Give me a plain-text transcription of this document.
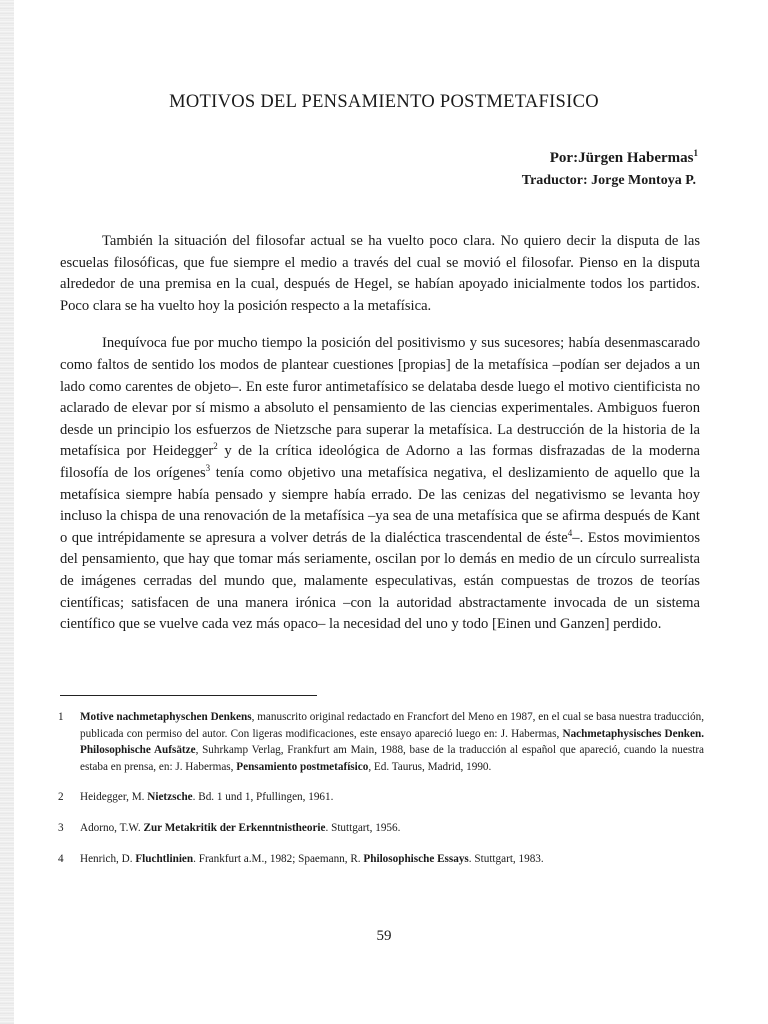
MOTIVOS DEL PENSAMIENTO POSTMETAFISICO
Por:Jürgen Habermas$^1$
Traductor: Jorge Montoya P.

También la situación del filosofar actual se ha vuelto poco clara. No quiero decir la disputa de las escuelas filosóficas, que fue siempre el medio a través del cual se movió el filosofar. Pienso en la disputa alrededor de una premisa en la cual, después de Hegel, se habían apoyado inicialmente todos los partidos. Poco clara se ha vuelto hoy la posición respecto a la metafísica.

Inequívoca fue por mucho tiempo la posición del positivismo y sus sucesores; había desenmascarado como faltos de sentido los modos de plantear cuestiones [propias] de la metafísica –podían ser dejados a un lado como carentes de objeto–. En este furor antimetafísico se delataba desde luego el motivo cientificista no aclarado de elevar por sí mismo a absoluto el pensamiento de las ciencias experimentales. Ambiguos fueron desde un principio los esfuerzos de Nietzsche para superar la metafísica. La destrucción de la historia de la metafísica por Heidegger$^2$ y de la crítica ideológica de Adorno a las formas disfrazadas de la moderna filosofía de los orígenes$^3$ tenía como objetivo una metafísica negativa, el deslizamiento de aquello que la metafísica siempre había pensado y siempre había errado. De las cenizas del negativismo se levanta hoy incluso la chispa de una renovación de la metafísica –ya sea de una metafísica que se afirma después de Kant o que intrépidamente se apresura a volver detrás de la dialéctica trascendental de éste$^4$–. Estos movimientos del pensamiento, que hay que tomar más seriamente, oscilan por lo demás en medio de un círculo surrealista de imágenes cerradas del mundo que, malamente especulativas, están compuestas de trozos de teorías científicas; satisfacen de una manera irónica –con la autoridad abstractamente invocada de un sistema científico que se vuelve cada vez más opaco– la necesidad del uno y todo [Einen und Ganzen] perdido.

1	Motive nachmetaphyschen Denkens, manuscrito original redactado en Francfort del Meno en 1987, en el cual se basa nuestra traducción, publicada con permiso del autor. Con ligeras modificaciones, este ensayo apareció luego en: J. Habermas, Nachmetaphysisches Denken. Philosophische Aufsätze, Suhrkamp Verlag, Frankfurt am Main, 1988, base de la traducción al español que apareció, cuando la nuestra estaba en prensa, en: J. Habermas, Pensamiento postmetafísico, Ed. Taurus, Madrid, 1990.
2	Heidegger, M. Nietzsche. Bd. 1 und 1, Pfullingen, 1961.
3	Adorno, T.W. Zur Metakritik der Erkenntnistheorie. Stuttgart, 1956.
4	Henrich, D. Fluchtlinien. Frankfurt a.M., 1982; Spaemann, R. Philosophische Essays. Stuttgart, 1983.
59
